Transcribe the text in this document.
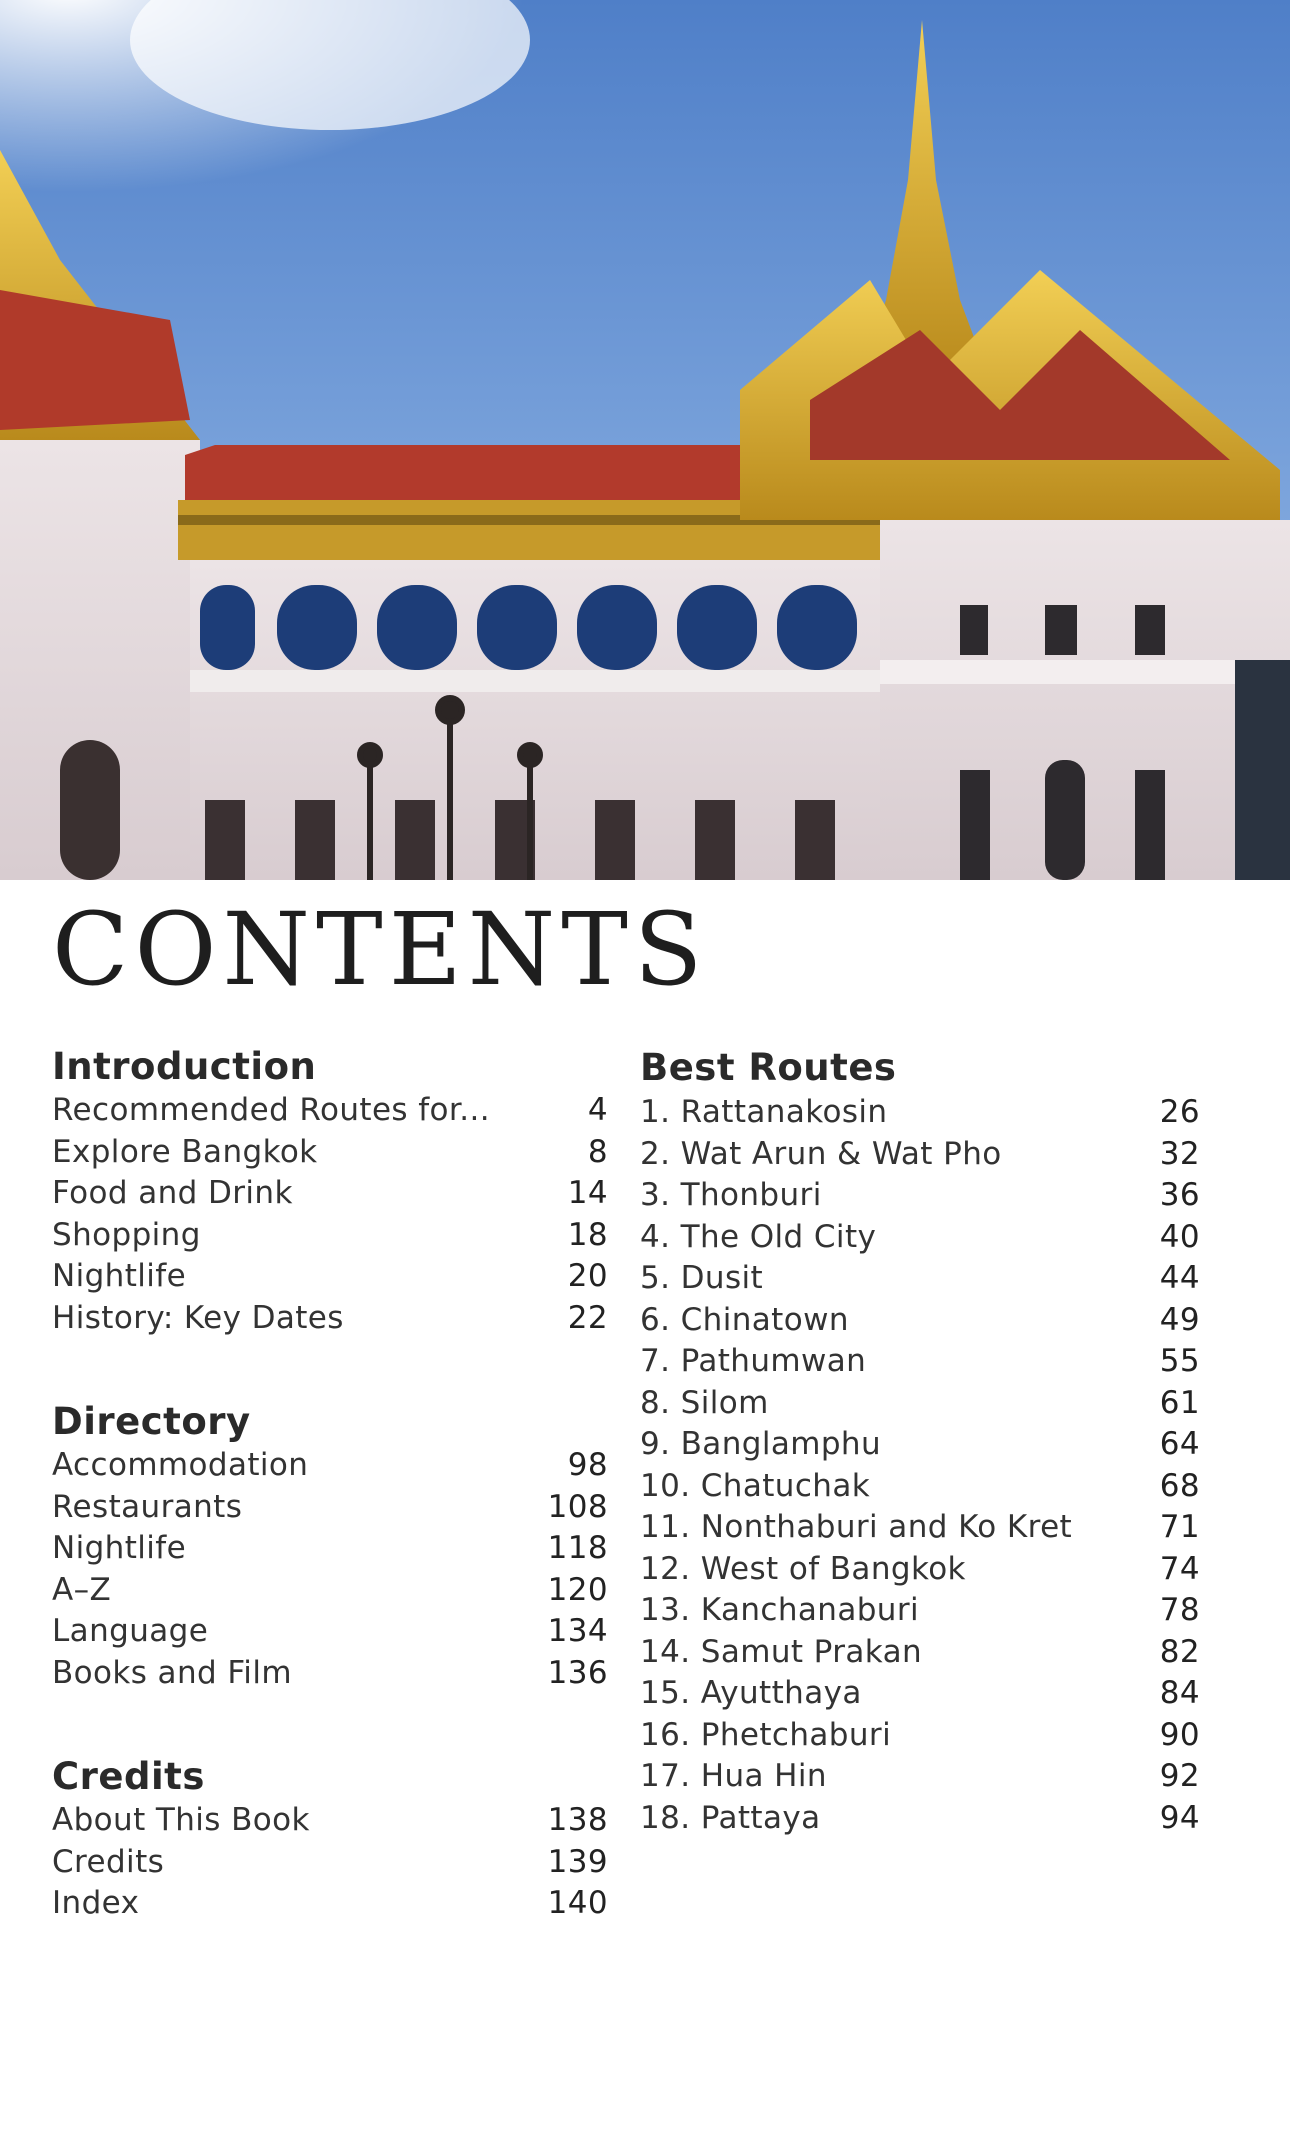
CONTENTS
Introduction
Recommended Routes for...	4
Explore Bangkok	8
Food and Drink	14
Shopping	18
Nightlife	20
History: Key Dates	22
Directory
Accommodation	98
Restaurants	108
Nightlife	118
A–Z	120
Language	134
Books and Film	136
Credits
About This Book	138
Credits	139
Index	140
Best Routes
1. Rattanakosin	26
2. Wat Arun & Wat Pho	32
3. Thonburi	36
4. The Old City	40
5. Dusit	44
6. Chinatown	49
7. Pathumwan	55
8. Silom	61
9. Banglamphu	64
10. Chatuchak	68
11. Nonthaburi and Ko Kret	71
12. West of Bangkok	74
13. Kanchanaburi	78
14. Samut Prakan	82
15. Ayutthaya	84
16. Phetchaburi	90
17. Hua Hin	92
18. Pattaya	94
